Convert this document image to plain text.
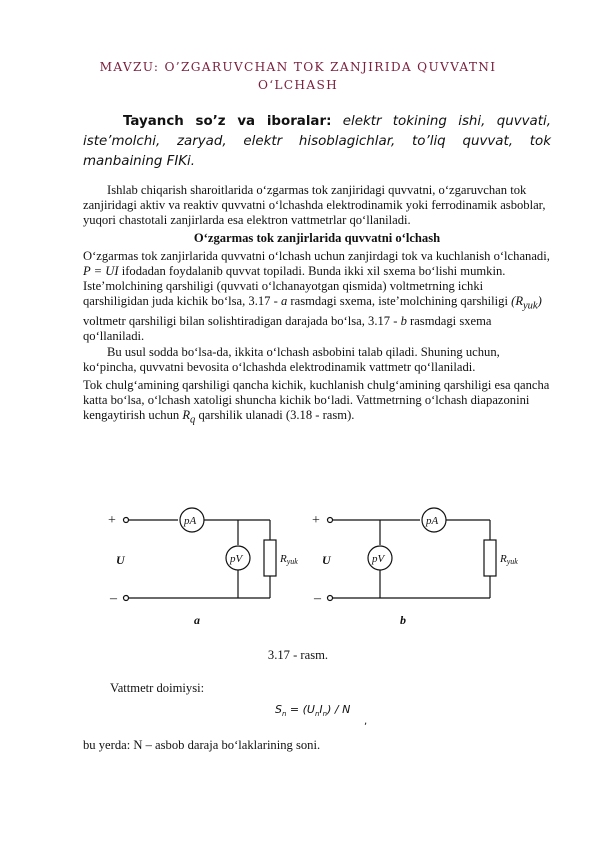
MAVZU: O’ZGARUVCHAN TOK ZANJIRIDA QUVVATNI
O‘LCHASH
Tayanch so’z va iboralar: elektr tokining ishi, quvvati, iste’molchi, zaryad, elektr hisoblagichlar, to’liq quvvat, tok manbaining FIKi.

Ishlab chiqarish sharoitlarida o‘zgarmas tok zanjiridagi quvvatni, o‘zgaruvchan tok zanjiridagi aktiv va reaktiv quvvatni o‘lchashda elektrodinamik yoki ferrodinamik asboblar, yuqori chastotali zanjirlarda esa elektron vattmetrlar qo‘llaniladi.

O‘zgarmas tok zanjirlarida quvvatni o‘lchash

O‘zgarmas tok zanjirlarida quvvatni o‘lchash uchun zanjirdagi tok va kuchlanish o‘lchanadi, P = UI ifodadan foydalanib quvvat topiladi. Bunda ikki xil sxema bo‘lishi mumkin. Iste’molchining qarshiligi (quvvati o‘lchanayotgan qismida) voltmetrning ichki qarshiligidan juda kichik bo‘lsa, 3.17 - a rasmdagi sxema, iste’molchining qarshiligi $(R_{yuk})$ voltmetr qarshiligi bilan solishtiradigan darajada bo‘lsa, 3.17 - b rasmdagi sxema qo‘llaniladi.

Bu usul sodda bo‘lsa-da, ikkita o‘lchash asbobini talab qiladi. Shuning uchun, ko‘pincha, quvvatni bevosita o‘lchashda elektrodinamik vattmetr qo‘llaniladi.

Tok chulg‘amining qarshiligi qancha kichik, kuchlanish chulg‘amining qarshiligi esa qancha katta bo‘lsa, o‘lchash xatoligi shuncha kichik bo‘ladi. Vattmetrning o‘lchash diapazonini kengaytirish uchun $R_q$ qarshilik ulanadi (3.18 - rasm).

+
–
U
pA
pV	Ryuk
a
+
–
U
pA
pV	Ryuk
b
3.17 - rasm.
Vattmetr doimiysi:
$S_n = (U_nI_n) / N$
,
bu yerda: N – asbob daraja bo‘laklarining soni.
